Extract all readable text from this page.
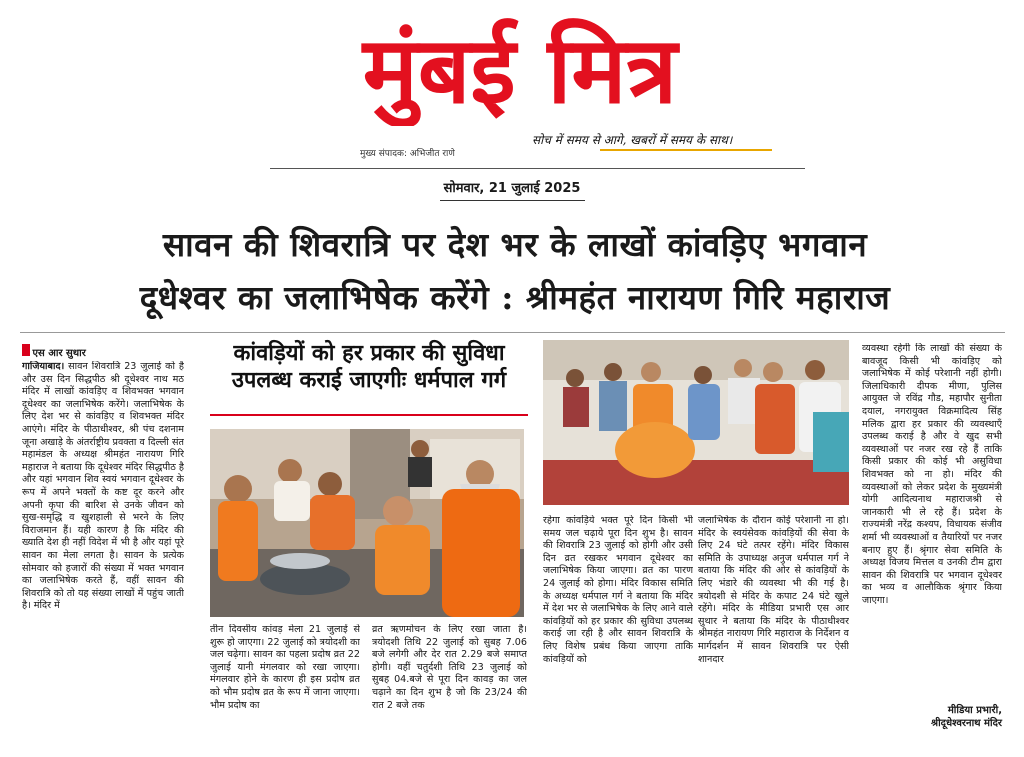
मुंबई मित्र
मुख्य संपादक: अभिजीत राणे
सोच में समय से आगे, खबरों में समय के साथ।
सोमवार, 21 जुलाई 2025
सावन की शिवरात्रि पर देश भर के लाखों कांवड़िए भगवान
दूधेश्वर का जलाभिषेक करेंगे : श्रीमहंत नारायण गिरि महाराज
एस आर सुथार

गाजियाबाद। सावन शिवरात्रि 23 जुलाई को है और उस दिन सिद्धपीठ श्री दूधेश्वर नाथ मठ मंदिर में लाखों कांवड़िए व शिवभक्त भगवान दूधेश्वर का जलाभिषेक करेंगे। जलाभिषेक के लिए देश भर से कांवड़िए व शिवभक्त मंदिर आएंगे। मंदिर के पीठाधीश्वर, श्री पंच दशनाम जूना अखाड़े के अंतर्राष्ट्रीय प्रवक्ता व दिल्ली संत महामंडल के अध्यक्ष श्रीमहंत नारायण गिरि महाराज ने बताया कि दूधेश्वर मंदिर सिद्धपीठ है और यहां भगवान शिव स्वयं भगवान दूधेश्वर के रूप में अपने भक्तों के कष्ट दूर करने और अपनी कृपा की बारिश से उनके जीवन को सुख-समृद्धि व खुशहाली से भरने के लिए विराजमान हैं। यही कारण है कि मंदिर की ख्याति देश ही नहीं विदेश में भी है और यहां पूरे सावन का मेला लगता है। सावन के प्रत्येक सोमवार को हजारों की संख्या में भक्त भगवान का जलाभिषेक करते हैं, वहीं सावन की शिवरात्रि को तो यह संख्या लाखों में पहुंच जाती है। मंदिर में

कांवड़ियों को हर प्रकार की सुविधा
उपलब्ध कराई जाएगीः धर्मपाल गर्ग
तीन दिवसीय कांवड़ मेला 21 जुलाई से शुरू हो जाएगा। 22 जुलाई को त्रयोदशी का जल चढ़ेगा। सावन का पहला प्रदोष व्रत 22 जुलाई यानी मंगलवार को रखा जाएगा। मंगलवार होने के कारण ही इस प्रदोष व्रत को भौम प्रदोष व्रत के रूप में जाना जाएगा। भौम प्रदोष का
व्रत ऋणमोचन के लिए रखा जाता है। त्रयोदशी तिथि 22 जुलाई को सुबह 7.06 बजे लगेगी और देर रात 2.29 बजे समाप्त होगी। वहीं चतुर्दशी तिथि 23 जुलाई को सुबह 04.बजे से पूरा दिन कावड़ का जल चढ़ाने का दिन शुभ है जो कि 23/24 की रात 2 बजे तक
रहेगा कांवड़िये भक्त पूरे दिन किसी भी समय जल चढ़ाये पूरा दिन शुभ है। सावन की शिवरात्रि 23 जुलाई को होगी और उसी दिन व्रत रखकर भगवान दूधेश्वर का जलाभिषेक किया जाएगा। व्रत का पारण 24 जुलाई को होगा। मंदिर विकास समिति के अध्यक्ष धर्मपाल गर्ग ने बताया कि मंदिर में देश भर से जलाभिषेक के लिए आने वाले कांवड़ियों को हर प्रकार की सुविधा उपलब्ध कराई जा रही है और सावन शिवरात्रि के लिए विशेष प्रबंध किया जाएगा ताकि कांवड़ियों को
जलाभिषेक के दौरान कोई परेशानी ना हो। मंदिर के स्वयंसेवक कांवड़ियों की सेवा के लिए 24 घंटे तत्पर रहेंगे। मंदिर विकास समिति के उपाध्यक्ष अनुज धर्मपाल गर्ग ने बताया कि मंदिर की ओर से कांवड़ियों के लिए भंडारे की व्यवस्था भी की गई है। त्रयोदशी से मंदिर के कपाट 24 घंटे खुले रहेंगे। मंदिर के मीडिया प्रभारी एस आर सुथार ने बताया कि मंदिर के पीठाधीश्वर श्रीमहंत नारायण गिरि महाराज के निर्देशन व मार्गदर्शन में सावन शिवरात्रि पर ऐसी शानदार
व्यवस्था रहेगी कि लाखों की संख्या के बावजूद किसी भी कांवड़िए को जलाभिषेक में कोई परेशानी नहीं होगी। जिलाधिकारी दीपक मीणा, पुलिस आयुक्त जे रविंद्र गौड, महापौर सुनीता दयाल, नगरायुक्त विक्रमादित्य सिंह मलिक द्वारा हर प्रकार की व्यवस्थाएँ उपलब्ध कराई है और वे खुद सभी व्यवस्थाओं पर नजर रख रहे हैं ताकि किसी प्रकार की कोई भी असुविधा शिवभक्त को ना हो। मंदिर की व्यवस्थाओं को लेकर प्रदेश के मुख्यमंत्री योगी आदित्यनाथ महाराजश्री से जानकारी भी ले रहे हैं। प्रदेश के राज्यमंत्री नरेंद्र कश्यप, विधायक संजीव शर्मा भी व्यवस्थाओं व तैयारियों पर नजर बनाए हुए हैं। श्रृंगार सेवा समिति के अध्यक्ष विजय मित्तल व उनकी टीम द्वारा सावन की शिवरात्रि पर भगवान दूधेश्वर का भव्य व आलौकिक श्रृंगार किया जाएगा।
मीडिया प्रभारी,
श्रीदूधेश्वरनाथ मंदिर
